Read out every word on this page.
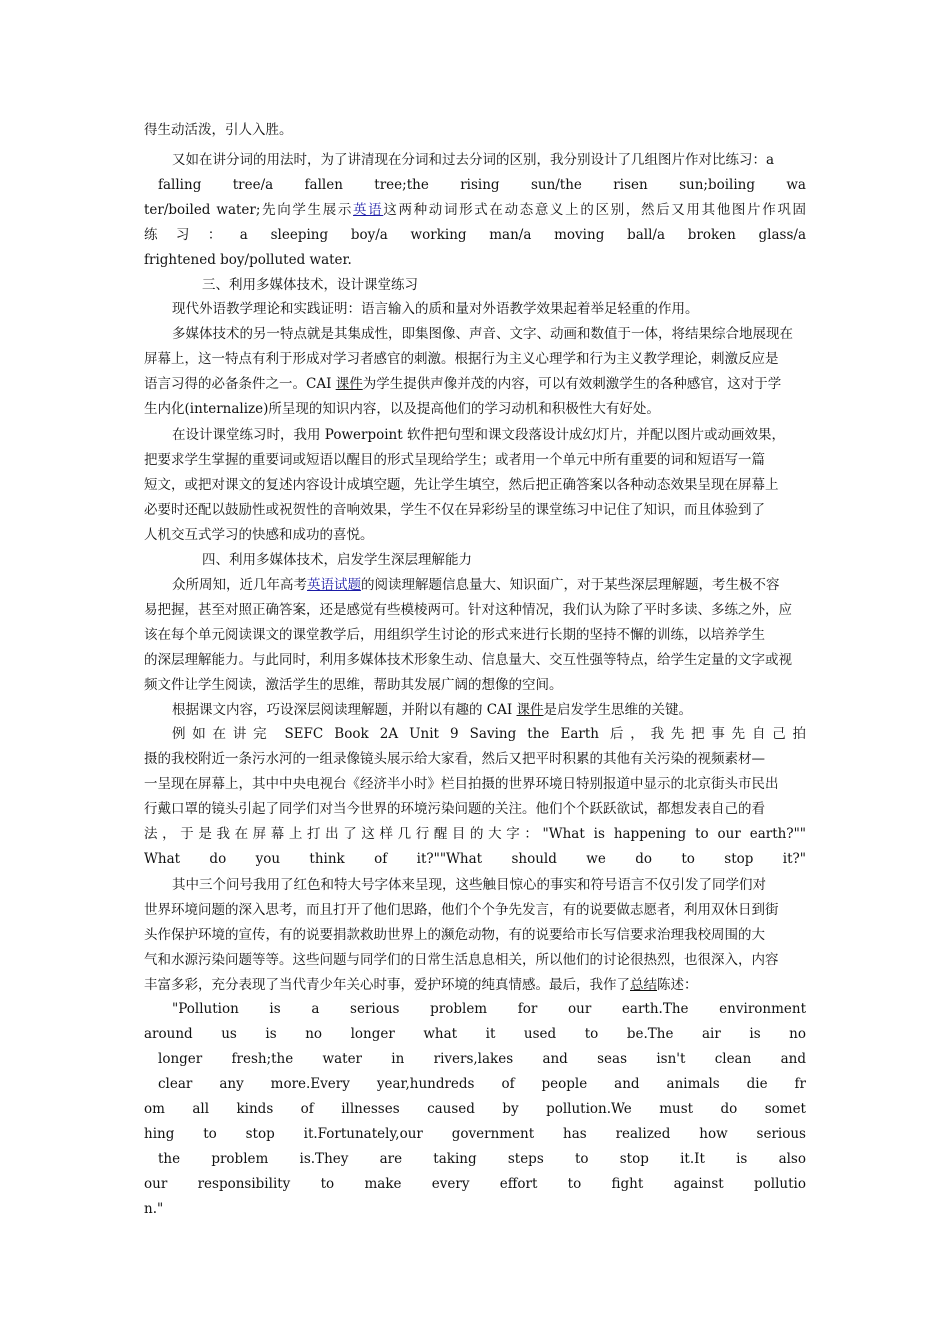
得生动活泼，引人入胜。
又如在讲分词的用法时，为了讲清现在分词和过去分词的区别，我分别设计了几组图片作对比练习：a
falling tree/a fallen tree;the rising sun/the risen sun;boiling wa
ter/boiled water;先向学生展示英语这两种动词形式在动态意义上的区别，然后又用其他图片作巩固
练习：a sleeping boy/a working man/a moving ball/a broken glass/a
frightened boy/polluted water.
三、利用多媒体技术，设计课堂练习
现代外语教学理论和实践证明：语言输入的质和量对外语教学效果起着举足轻重的作用。
多媒体技术的另一特点就是其集成性，即集图像、声音、文字、动画和数值于一体，将结果综合地展现在
屏幕上，这一特点有利于形成对学习者感官的刺激。根据行为主义心理学和行为主义教学理论，刺激反应是
语言习得的必备条件之一。CAI 课件为学生提供声像并茂的内容，可以有效刺激学生的各种感官，这对于学
生内化(internalize)所呈现的知识内容，以及提高他们的学习动机和积极性大有好处。
在设计课堂练习时，我用 Powerpoint 软件把句型和课文段落设计成幻灯片，并配以图片或动画效果，
把要求学生掌握的重要词或短语以醒目的形式呈现给学生；或者用一个单元中所有重要的词和短语写一篇
短文，或把对课文的复述内容设计成填空题，先让学生填空，然后把正确答案以各种动态效果呈现在屏幕上
必要时还配以鼓励性或祝贺性的音响效果，学生不仅在异彩纷呈的课堂练习中记住了知识，而且体验到了
人机交互式学习的快感和成功的喜悦。
四、利用多媒体技术，启发学生深层理解能力
众所周知，近几年高考英语试题的阅读理解题信息量大、知识面广，对于某些深层理解题，考生极不容
易把握，甚至对照正确答案，还是感觉有些模棱两可。针对这种情况，我们认为除了平时多读、多练之外，应
该在每个单元阅读课文的课堂教学后，用组织学生讨论的形式来进行长期的坚持不懈的训练，以培养学生
的深层理解能力。与此同时，利用多媒体技术形象生动、信息量大、交互性强等特点，给学生定量的文字或视
频文件让学生阅读，激活学生的思维，帮助其发展广阔的想像的空间。
根据课文内容，巧设深层阅读理解题，并附以有趣的 CAI 课件是启发学生思维的关键。
例如在讲完 SEFC Book 2A Unit 9 Saving the Earth 后，我先把事先自己拍
摄的我校附近一条污水河的一组录像镜头展示给大家看，然后又把平时积累的其他有关污染的视频素材—
一呈现在屏幕上，其中中央电视台《经济半小时》栏目拍摄的世界环境日特别报道中显示的北京街头市民出
行戴口罩的镜头引起了同学们对当今世界的环境污染问题的关注。他们个个跃跃欲试，都想发表自己的看
法，于是我在屏幕上打出了这样几行醒目的大字："What is happening to our earth?""
What do you think of it?""What should we do to stop it?"
其中三个问号我用了红色和特大号字体来呈现，这些触目惊心的事实和符号语言不仅引发了同学们对
世界环境问题的深入思考，而且打开了他们思路，他们个个争先发言，有的说要做志愿者，利用双休日到街
头作保护环境的宣传，有的说要捐款救助世界上的濒危动物，有的说要给市长写信要求治理我校周围的大
气和水源污染问题等等。这些问题与同学们的日常生活息息相关，所以他们的讨论很热烈，也很深入，内容
丰富多彩，充分表现了当代青少年关心时事，爱护环境的纯真情感。最后，我作了总结陈述：
"Pollution is a serious problem for our earth.The environment
around us is no longer what it used to be.The air is no
longer fresh;the water in rivers,lakes and seas isn't clean and
clear any more.Every year,hundreds of people and animals die fr
om all kinds of illnesses caused by pollution.We must do somet
hing to stop it.Fortunately,our government has realized how serious
the problem is.They are taking steps to stop it.It is also
our responsibility to make every effort to fight against pollutio
n."
